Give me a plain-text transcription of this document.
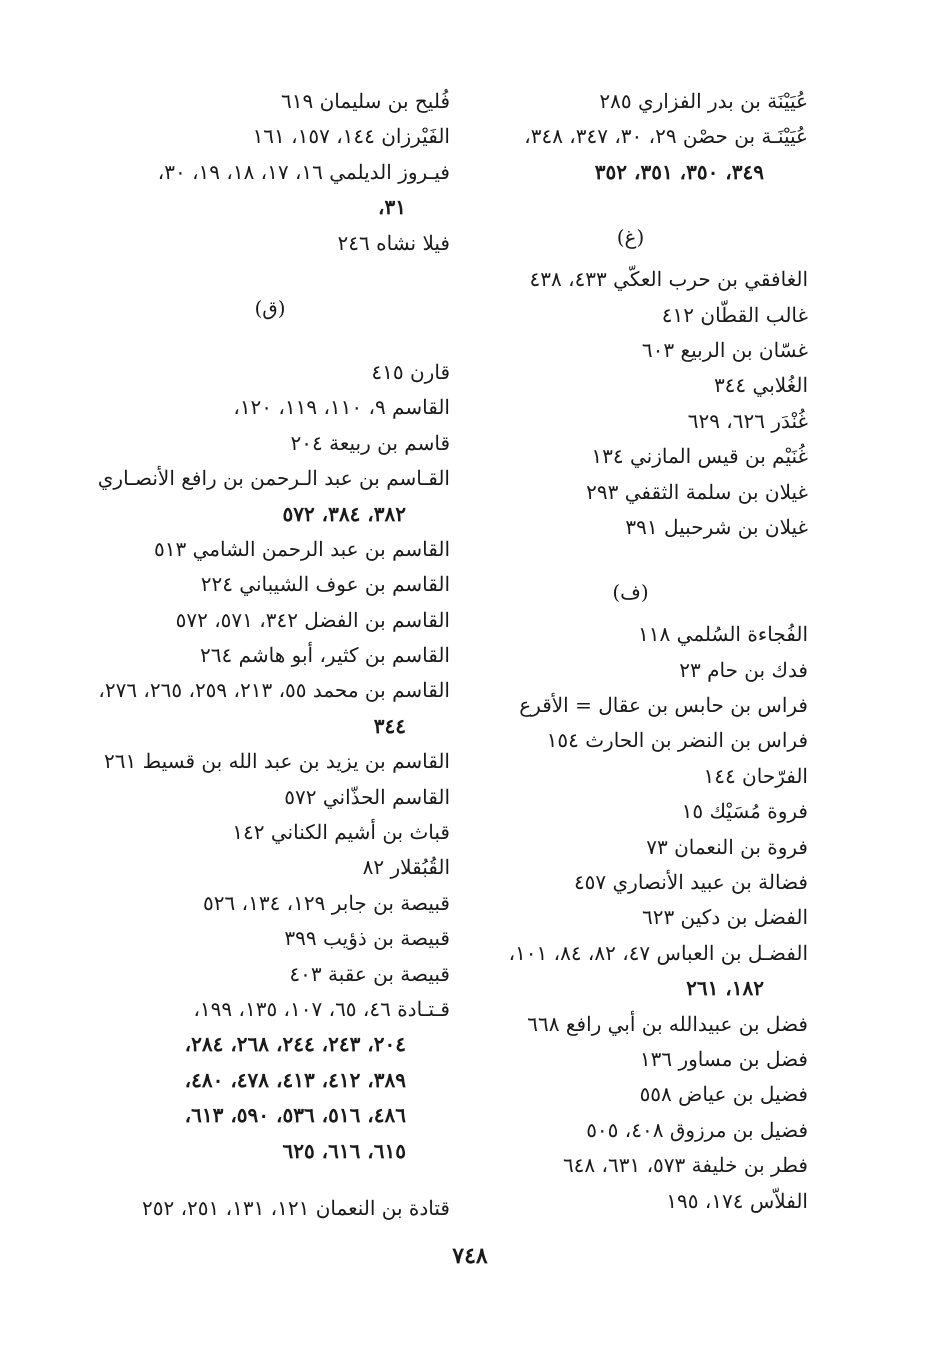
عُيَيْنَة بن بدر الفزاري ٢٨٥
عُيَيْنَـة بن حصْن ٢٩، ٣٠، ٣٤٧، ٣٤٨،
٣٤٩، ٣٥٠، ٣٥١، ٣٥٢
(غ)
الغافقي بن حرب العكّي ٤٣٣، ٤٣٨
غالب القطّان ٤١٢
غسّان بن الربيع ٦٠٣
الغُلابي ٣٤٤
غُنْدَر ٦٢٦، ٦٢٩
غُنَيْم بن قيس المازني ١٣٤
غيلان بن سلمة الثقفي ٢٩٣
غيلان بن شرحبيل ٣٩١
(ف)
الفُجاءة السُلمي ١١٨
فدك بن حام ٢٣
فراس بن حابس بن عقال = الأقرع
فراس بن النضر بن الحارث ١٥٤
الفرّحان ١٤٤
فروة مُسَيْك ١٥
فروة بن النعمان ٧٣
فضالة بن عبيد الأنصاري ٤٥٧
الفضل بن دكين ٦٢٣
الفضـل بن العباس ٤٧، ٨٢، ٨٤، ١٠١،
١٨٢، ٢٦١
فضل بن عبيدالله بن أبي رافع ٦٦٨
فضل بن مساور ١٣٦
فضيل بن عياض ٥٥٨
فضيل بن مرزوق ٤٠٨، ٥٠٥
فطر بن خليفة ٥٧٣، ٦٣١، ٦٤٨
الفلاّس ١٧٤، ١٩٥
فُليح بن سليمان ٦١٩
الفَيْرزان ١٤٤، ١٥٧، ١٦١
فيـروز الديلمي ١٦، ١٧، ١٨، ١٩، ٣٠،
٣١،
فيلا نشاه ٢٤٦
(ق)
قارن ٤١٥
القاسم ٩، ١١٠، ١١٩، ١٢٠،
قاسم بن ربيعة ٢٠٤
القـاسم بن عبد الـرحمن بن رافع الأنصـاري
٣٨٢، ٣٨٤، ٥٧٢
القاسم بن عبد الرحمن الشامي ٥١٣
القاسم بن عوف الشيباني ٢٢٤
القاسم بن الفضل ٣٤٢، ٥٧١، ٥٧٢
القاسم بن كثير، أبو هاشم ٢٦٤
القاسم بن محمد ٥٥، ٢١٣، ٢٥٩، ٢٦٥، ٢٧٦،
٣٤٤
القاسم بن يزيد بن عبد الله بن قسيط ٢٦١
القاسم الحذّاني ٥٧٢
قباث بن أشيم الكناني ١٤٢
القُبُقلار ٨٢
قبيصة بن جابر ١٢٩، ١٣٤، ٥٢٦
قبيصة بن ذؤيب ٣٩٩
قبيصة بن عقبة ٤٠٣
قـتـادة ٤٦، ٦٥، ١٠٧، ١٣٥، ١٩٩،
٢٠٤، ٢٤٣، ٢٤٤، ٢٦٨، ٢٨٤،
٣٨٩، ٤١٢، ٤١٣، ٤٧٨، ٤٨٠،
٤٨٦، ٥١٦، ٥٣٦، ٥٩٠، ٦١٣،
٦١٥، ٦١٦، ٦٢٥
قتادة بن النعمان ١٢١، ١٣١، ٢٥١، ٢٥٢
٧٤٨
